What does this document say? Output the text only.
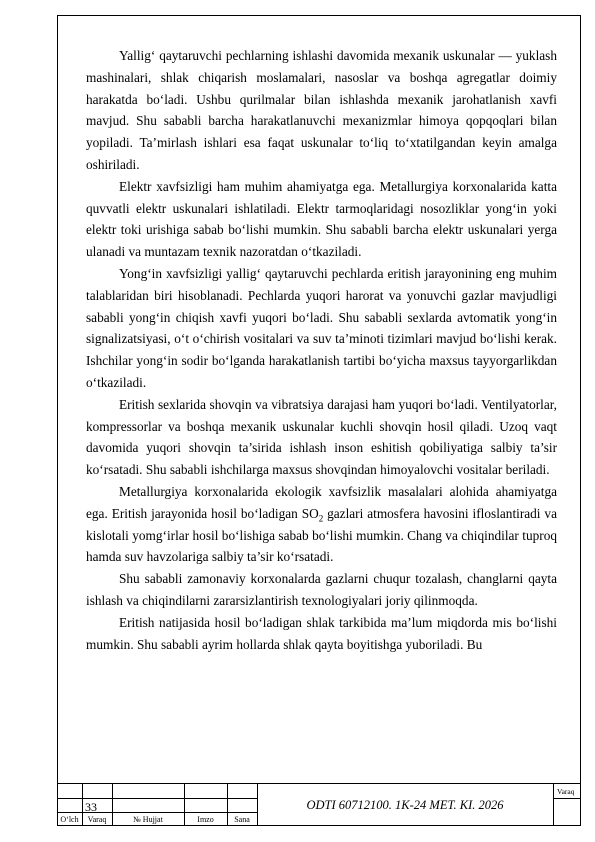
Yallig‘ qaytaruvchi pechlarning ishlashi davomida mexanik uskunalar — yuklash mashinalari, shlak chiqarish moslamalari, nasoslar va boshqa agregatlar doimiy harakatda bo‘ladi. Ushbu qurilmalar bilan ishlashda mexanik jarohatlanish xavfi mavjud. Shu sababli barcha harakatlanuvchi mexanizmlar himoya qopqoqlari bilan yopiladi. Ta’mirlash ishlari esa faqat uskunalar to‘liq to‘xtatilgandan keyin amalga oshiriladi.

Elektr xavfsizligi ham muhim ahamiyatga ega. Metallurgiya korxonalarida katta quvvatli elektr uskunalari ishlatiladi. Elektr tarmoqlaridagi nosozliklar yong‘in yoki elektr toki urishiga sabab bo‘lishi mumkin. Shu sababli barcha elektr uskunalari yerga ulanadi va muntazam texnik nazoratdan o‘tkaziladi.

Yong‘in xavfsizligi yallig‘ qaytaruvchi pechlarda eritish jarayonining eng muhim talablaridan biri hisoblanadi. Pechlarda yuqori harorat va yonuvchi gazlar mavjudligi sababli yong‘in chiqish xavfi yuqori bo‘ladi. Shu sababli sexlarda avtomatik yong‘in signalizatsiyasi, o‘t o‘chirish vositalari va suv ta’minoti tizimlari mavjud bo‘lishi kerak. Ishchilar yong‘in sodir bo‘lganda harakatlanish tartibi bo‘yicha maxsus tayyorgarlikdan o‘tkaziladi.

Eritish sexlarida shovqin va vibratsiya darajasi ham yuqori bo‘ladi. Ventilyatorlar, kompressorlar va boshqa mexanik uskunalar kuchli shovqin hosil qiladi. Uzoq vaqt davomida yuqori shovqin ta’sirida ishlash inson eshitish qobiliyatiga salbiy ta’sir ko‘rsatadi. Shu sababli ishchilarga maxsus shovqindan himoyalovchi vositalar beriladi.

Metallurgiya korxonalarida ekologik xavfsizlik masalalari alohida ahamiyatga ega. Eritish jarayonida hosil bo‘ladigan $SO_2$ gazlari atmosfera havosini ifloslantiradi va kislotali yomg‘irlar hosil bo‘lishiga sabab bo‘lishi mumkin. Chang va chiqindilar tuproq hamda suv havzolariga salbiy ta’sir ko‘rsatadi.

Shu sababli zamonaviy korxonalarda gazlarni chuqur tozalash, changlarni qayta ishlash va chiqindilarni zararsizlantirish texnologiyalari joriy qilinmoqda.

Eritish natijasida hosil bo‘ladigan shlak tarkibida ma’lum miqdorda mis bo‘lishi mumkin. Shu sababli ayrim hollarda shlak qayta boyitishga yuboriladi. Bu

33
O‘lch	Varaq	№ Hujjat	Imzo	Sana
ODTI 60712100. 1K-24 MET. KI. 2026
Varaq
